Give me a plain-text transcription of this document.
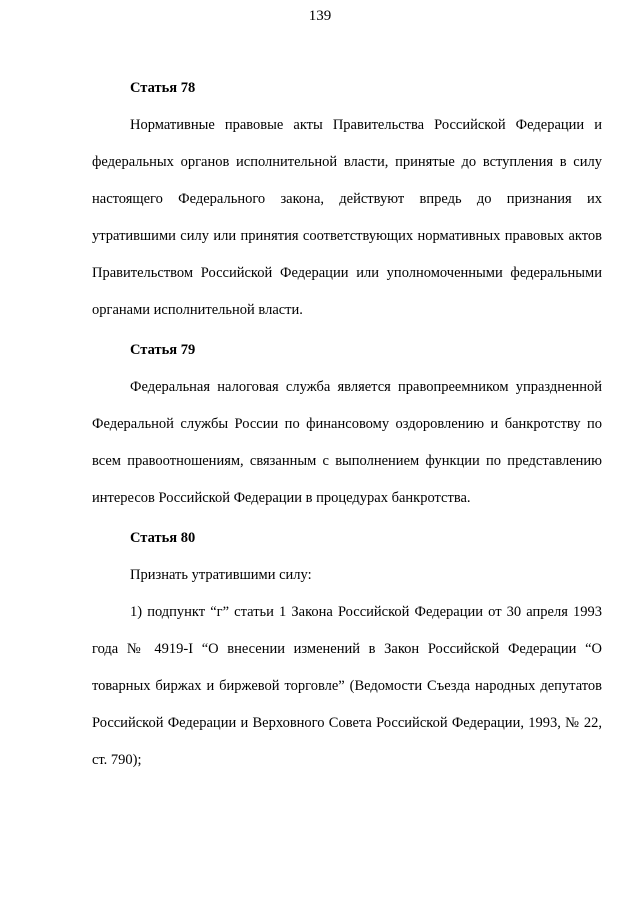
139

Статья 78

Нормативные правовые акты Правительства Российской Федерации и федеральных органов исполнительной власти, принятые до вступления в силу настоящего Федерального закона, действуют впредь до признания их утратившими силу или принятия соответствующих нормативных правовых актов Правительством Российской Федерации или уполномоченными федеральными органами исполнительной власти.

Статья 79

Федеральная налоговая служба является правопреемником упраздненной Федеральной службы России по финансовому оздоровлению и банкротству по всем правоотношениям, связанным с выполнением функции по представлению интересов Российской Федерации в процедурах банкротства.

Статья 80

Признать утратившими силу:

1) подпункт “г” статьи 1 Закона Российской Федерации от 30 апреля 1993 года № 4919-I “О внесении изменений в Закон Российской Федерации “О товарных биржах и биржевой торговле” (Ведомости Съезда народных депутатов Российской Федерации и Верховного Совета Российской Федерации, 1993, № 22, ст. 790);
